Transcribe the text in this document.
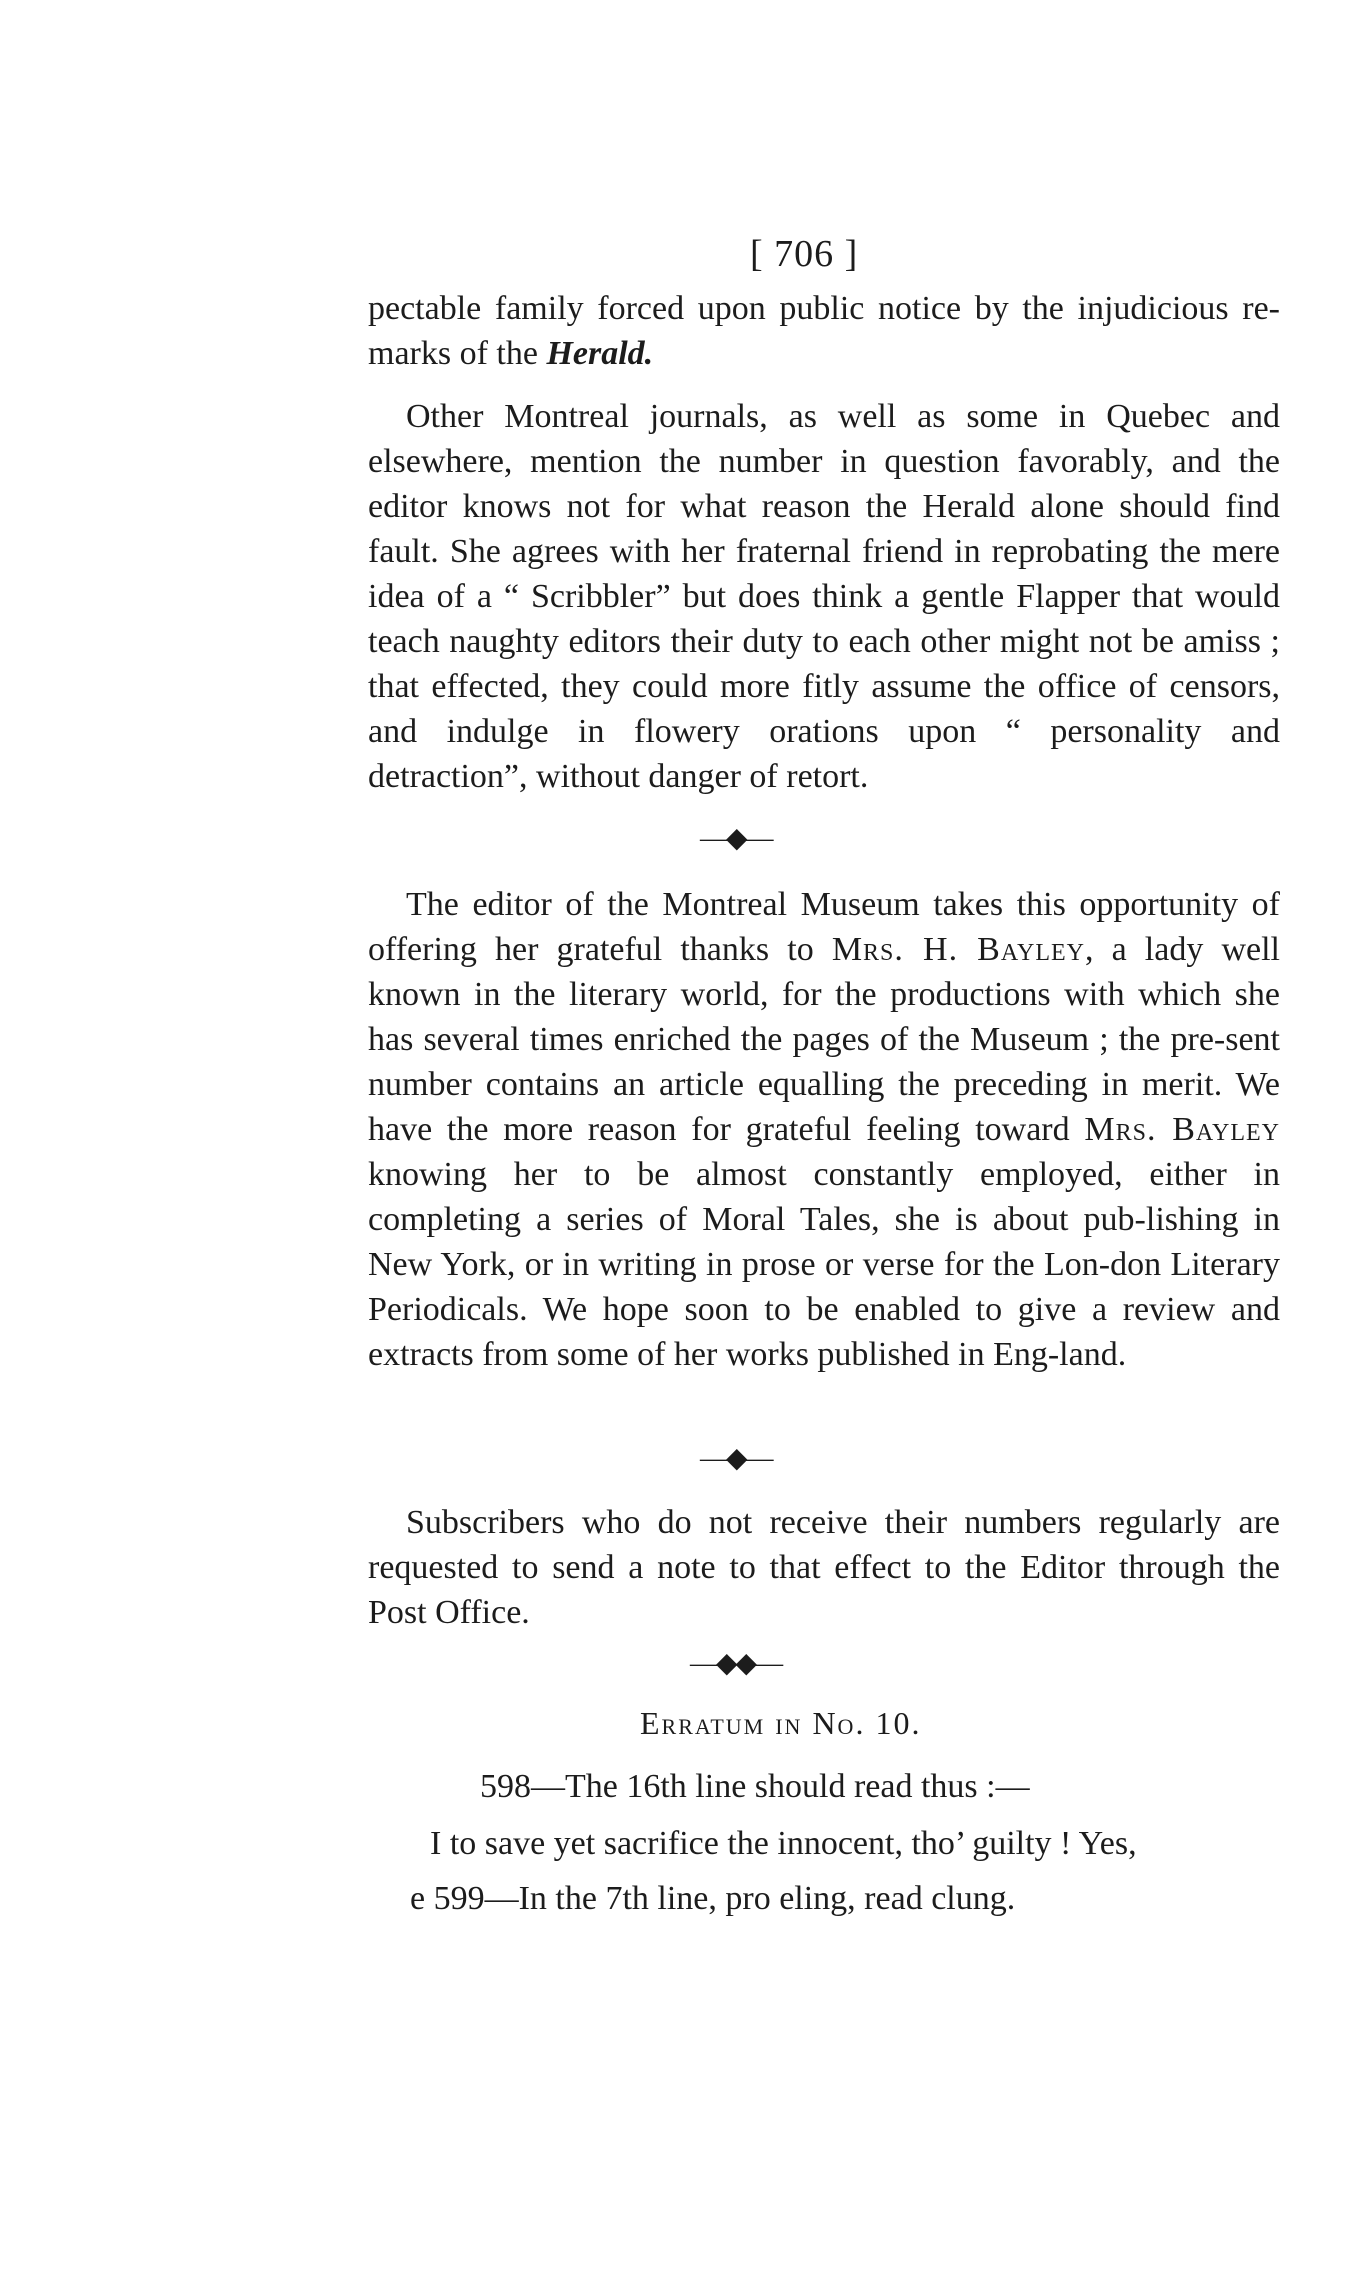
[ 706 ]

pectable family forced upon public notice by the injudicious re-marks of the Herald.

Other Montreal journals, as well as some in Quebec and elsewhere, mention the number in question favorably, and the editor knows not for what reason the Herald alone should find fault. She agrees with her fraternal friend in reprobating the mere idea of a “ Scribbler” but does think a gentle Flapper that would teach naughty editors their duty to each other might not be amiss ; that effected, they could more fitly assume the office of censors, and indulge in flowery orations upon “ personality and detraction”, without danger of retort.

—◆—

The editor of the Montreal Museum takes this opportunity of offering her grateful thanks to Mrs. H. Bayley, a lady well known in the literary world, for the productions with which she has several times enriched the pages of the Museum ; the pre-sent number contains an article equalling the preceding in merit. We have the more reason for grateful feeling toward Mrs. Bayley knowing her to be almost constantly employed, either in completing a series of Moral Tales, she is about pub-lishing in New York, or in writing in prose or verse for the Lon-don Literary Periodicals. We hope soon to be enabled to give a review and extracts from some of her works published in Eng-land.

—◆—

Subscribers who do not receive their numbers regularly are requested to send a note to that effect to the Editor through the Post Office.

—◆◆—
Erratum in No. 10.
598—The 16th line should read thus :—
I to save yet sacrifice the innocent, tho’ guilty ! Yes,
e 599—In the 7th line, pro eling, read clung.
